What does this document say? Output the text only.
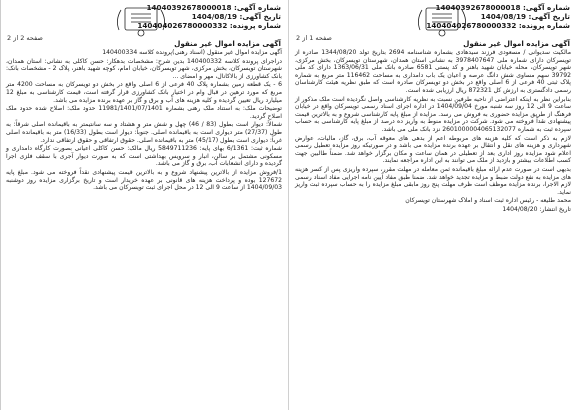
شماره آگهی: 14040392678000018
تاریخ آگهی: 1404/08/19
شماره پرونده: 140404026780000332
صفحه 1 از 2
آگهی مزایده اموال غیر منقول

مالکیت سدیوانی / مسعودی فرزند سیدهادی بشماره شناسنامه 2694 بتاریخ تولد 1344/08/20 صادره از تویسرکان دارای شماره ملی 3978407647 به نشانی استان همدان، شهرستان تویسرکان، بخش مرکزی، شهر تویسرکان، محله خیابان شهید باهنر و کد پستی 6581 صادره بانک ملی 1363/06/31 دارای کد ملی 39792 سهم مساوی شش دانگ عرصه و اعیان یک باب دامداری به مساحت 116462 متر مربع به شماره پلاک ثبتی 40 فرعی از 6 اصلی واقع در بخش دو تویسرکان صادره است که طبق نظریه هیئت کارشناسان رسمی دادگستری به ارزش کل 872321 ریال ارزیابی شده است.

بنابراین نظر به اینکه اعتراضی از ناحیه طرفین نسبت به نظریه کارشناسی واصل نگردیده است ملک مذکور از ساعت 9 الی 12 روز سه شنبه مورخ 1404/09/04 در اداره اجرای اسناد رسمی تویسرکان واقع در خیابان فرهنگ از طریق مزایده حضوری به فروش می رسد. مزایده از مبلغ پایه کارشناسی شروع و به بالاترین قیمت پیشنهادی نقداً فروخته می شود. شرکت در مزایده منوط به واریز ده درصد از مبلغ پایه کارشناسی به حساب سپرده ثبت به شماره 2601000004065132077 نزد بانک ملی می باشد.

لازم به ذکر است که کلیه هزینه های مربوطه اعم از بدهی های معوقه آب، برق، گاز، مالیات، عوارض شهرداری و هزینه های نقل و انتقال بر عهده برنده مزایده می باشد و در صورتیکه روز مزایده تعطیل رسمی اعلام شود مزایده روز اداری بعد از تعطیلی در همان ساعت و مکان برگزار خواهد شد. ضمناً طالبین جهت کسب اطلاعات بیشتر و بازدید از ملک می توانند به این اداره مراجعه نمایند.

بدیهی است در صورت عدم ارائه مبلغ باقیمانده ثمن معامله در مهلت مقرر، سپرده واریزی پس از کسر هزینه های مزایده به نفع دولت ضبط و مزایده تجدید خواهد شد. ضمنا طبق مفاد آیین نامه اجرایی مفاد اسناد رسمی لازم الاجرا، برنده مزایده موظف است ظرف مهلت پنج روز مابقی مبلغ مزایده را به حساب سپرده ثبت واریز نماید.

محمد طلیعه - رئیس اداره ثبت اسناد و املاک شهرستان تویسرکان

تاریخ انتشار: 1404/08/20

شماره آگهی: 14040392678000018
تاریخ آگهی: 1404/08/19
شماره پرونده: 140404026780000332
صفحه 2 از 2
آگهی مزایده اموال غیر منقول

آگهی مزایده اموال غیر منقول (اسناد رهنی)پرونده کلاسه 140400334

دراجرای پرونده کلاسه 140400332 بدین شرح: مشخصات بدهکار: حسن کاکلی به نشانی: استان همدان، شهرستان تویسرکان، بخش مرکزی، شهر تویسرکان، خیابان امام، کوچه شهید باهنر، پلاک 2 - مشخصات بانک: بانک کشاورزی از بالاکانال، مهر و امضای ...

6 - یک قطعه زمین بشماره پلاک 40 فرعی از 6 اصلی واقع در بخش دو تویسرکان به مساحت 4200 متر مربع که مورد ترهین در قبال وام در اختیار بانک کشاورزی قرار گرفته است، قیمت کارشناسی به مبلغ 12 میلیارد ریال تعیین گردیده و کلیه هزینه های آب و برق و گاز بر عهده برنده مزایده می باشد.

توضیحات ملک: به استناد ملک رهنی بشماره 11981/1401/07/1401 حدود ملک: اصلاح شده حدود ملک اصلاح گردید.

شمالاً: دیوار است بطول (83 / 46) چهل و شش متر و هشتاد و سه سانتیمتر به باقیمانده اصلی شرقاً: به طول (27/37) متر دیواری است به باقیمانده اصلی. جنوباً: دیوار است بطول (16/33) متر به باقیمانده اصلی غرباً: دیواری است بطول (45/17) متر به باقیمانده اصلی. حقوق ارتفاقی و حقوق ارتفاقی ندارد.

شماره ثبت: 6/1361 بهای پایه: 5849711236 ریال مالک: حسن کاکلی اعیانی بصورت کارگاه دامداری و مسکونی مشتمل بر سالن، انبار و سرویس بهداشتی است که به صورت دیوار آجری با سقف فلزی اجرا گردیده و دارای انشعابات آب، برق و گاز می باشد.

1/فروش مزایده از بالاترین پیشنهاد شروع و به بالاترین قیمت پیشنهادی نقداً فروخته می شود. مبلغ پایه 127672 بوده و پرداخت هزینه های قانونی بر عهده خریدار است و تاریخ برگزاری مزایده روز دوشنبه 1404/09/03 از ساعت 9 الی 12 در محل اجرای ثبت تویسرکان می باشد.
